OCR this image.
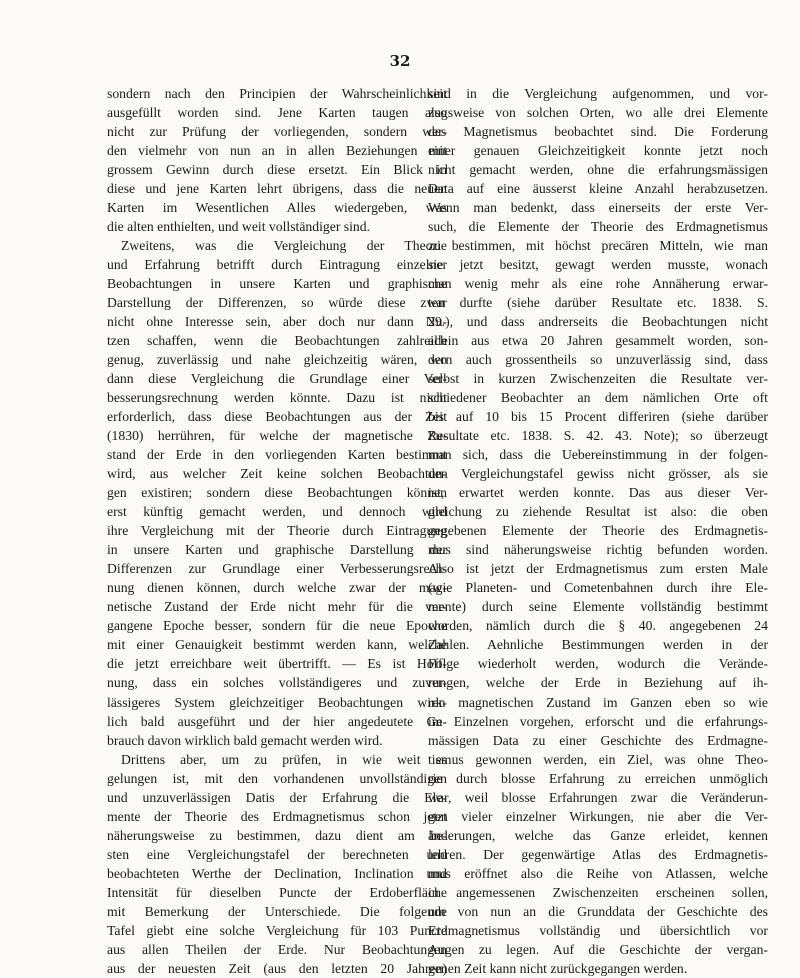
32
sondern nach den Principien der Wahrscheinlichkeit
ausgefüllt worden sind. Jene Karten taugen also
nicht zur Prüfung der vorliegenden, sondern wer-
den vielmehr von nun an in allen Beziehungen mit
grossem Gewinn durch diese ersetzt. Ein Blick in
diese und jene Karten lehrt übrigens, dass die neuen
Karten im Wesentlichen Alles wiedergeben, was
die alten enthielten, und weit vollständiger sind.
Zweitens, was die Vergleichung der Theorie
und Erfahrung betrifft durch Eintragung einzelner
Beobachtungen in unsere Karten und graphische
Darstellung der Differenzen, so würde diese zwar
nicht ohne Interesse sein, aber doch nur dann Nu-
tzen schaffen, wenn die Beobachtungen zahlreich
genug, zuverlässig und nahe gleichzeitig wären, wo
dann diese Vergleichung die Grundlage einer Ver-
besserungsrechnung werden könnte. Dazu ist nicht
erforderlich, dass diese Beobachtungen aus der Zeit
(1830) herrühren, für welche der magnetische Zu-
stand der Erde in den vorliegenden Karten bestimmt
wird, aus welcher Zeit keine solchen Beobachtun-
gen existiren; sondern diese Beobachtungen können
erst künftig gemacht werden, und dennoch wird
ihre Vergleichung mit der Theorie durch Eintragung
in unsere Karten und graphische Darstellung der
Differenzen zur Grundlage einer Verbesserungsrech-
nung dienen können, durch welche zwar der mag-
netische Zustand der Erde nicht mehr für die ver-
gangene Epoche besser, sondern für die neue Epoche
mit einer Genauigkeit bestimmt werden kann, welche
die jetzt erreichbare weit übertrifft. — Es ist Hoff-
nung, dass ein solches vollständigeres und zuver-
lässigeres System gleichzeitiger Beobachtungen wirk-
lich bald ausgeführt und der hier angedeutete Ge-
brauch davon wirklich bald gemacht werden wird.
Drittens aber, um zu prüfen, in wie weit es
gelungen ist, mit den vorhandenen unvollständigen
und unzuverlässigen Datis der Erfahrung die Ele-
mente der Theorie des Erdmagnetismus schon jetzt
näherungsweise zu bestimmen, dazu dient am be-
sten eine Vergleichungstafel der berechneten und
beobachteten Werthe der Declination, Inclination und
Intensität für dieselben Puncte der Erdoberfläche
mit Bemerkung der Unterschiede. Die folgende
Tafel giebt eine solche Vergleichung für 103 Puncte
aus allen Theilen der Erde. Nur Beobachtungen
aus der neuesten Zeit (aus den letzten 20 Jahren)
sind in die Vergleichung aufgenommen, und vor-
zugsweise von solchen Orten, wo alle drei Elemente
des Magnetismus beobachtet sind. Die Forderung
einer genauen Gleichzeitigkeit konnte jetzt noch
nicht gemacht werden, ohne die erfahrungsmässigen
Data auf eine äusserst kleine Anzahl herabzusetzen.
Wenn man bedenkt, dass einerseits der erste Ver-
such, die Elemente der Theorie des Erdmagnetismus
zu bestimmen, mit höchst precären Mitteln, wie man
sie jetzt besitzt, gewagt werden musste, wonach
man wenig mehr als eine rohe Annäherung erwar-
ten durfte (siehe darüber Resultate etc. 1838. S.
29.), und dass andrerseits die Beobachtungen nicht
allein aus etwa 20 Jahren gesammelt worden, son-
dern auch grossentheils so unzuverlässig sind, dass
selbst in kurzen Zwischenzeiten die Resultate ver-
schiedener Beobachter an dem nämlichen Orte oft
bis auf 10 bis 15 Procent differiren (siehe darüber
Resultate etc. 1838. S. 42. 43. Note); so überzeugt
man sich, dass die Uebereinstimmung in der folgen-
den Vergleichungstafel gewiss nicht grösser, als sie
ist, erwartet werden konnte. Das aus dieser Ver-
gleichung zu ziehende Resultat ist also: die oben
gegebenen Elemente der Theorie des Erdmagnetis-
mus sind näherungsweise richtig befunden worden.
Also ist jetzt der Erdmagnetismus zum ersten Male
(wie Planeten- und Cometenbahnen durch ihre Ele-
mente) durch seine Elemente vollständig bestimmt
worden, nämlich durch die § 40. angegebenen 24
Zahlen. Aehnliche Bestimmungen werden in der
Folge wiederholt werden, wodurch die Verände-
rungen, welche der Erde in Beziehung auf ih-
ren magnetischen Zustand im Ganzen eben so wie
im Einzelnen vorgehen, erforscht und die erfahrungs-
mässigen Data zu einer Geschichte des Erdmagne-
tismus gewonnen werden, ein Ziel, was ohne Theo-
rie durch blosse Erfahrung zu erreichen unmöglich
war, weil blosse Erfahrungen zwar die Veränderun-
gen vieler einzelner Wirkungen, nie aber die Ver-
änderungen, welche das Ganze erleidet, kennen
lehren. Der gegenwärtige Atlas des Erdmagnetis-
mus eröffnet also die Reihe von Atlassen, welche
in angemessenen Zwischenzeiten erscheinen sollen,
um von nun an die Grunddata der Geschichte des
Erdmagnetismus vollständig und übersichtlich vor
Augen zu legen. Auf die Geschichte der vergan-
genen Zeit kann nicht zurückgegangen werden.
